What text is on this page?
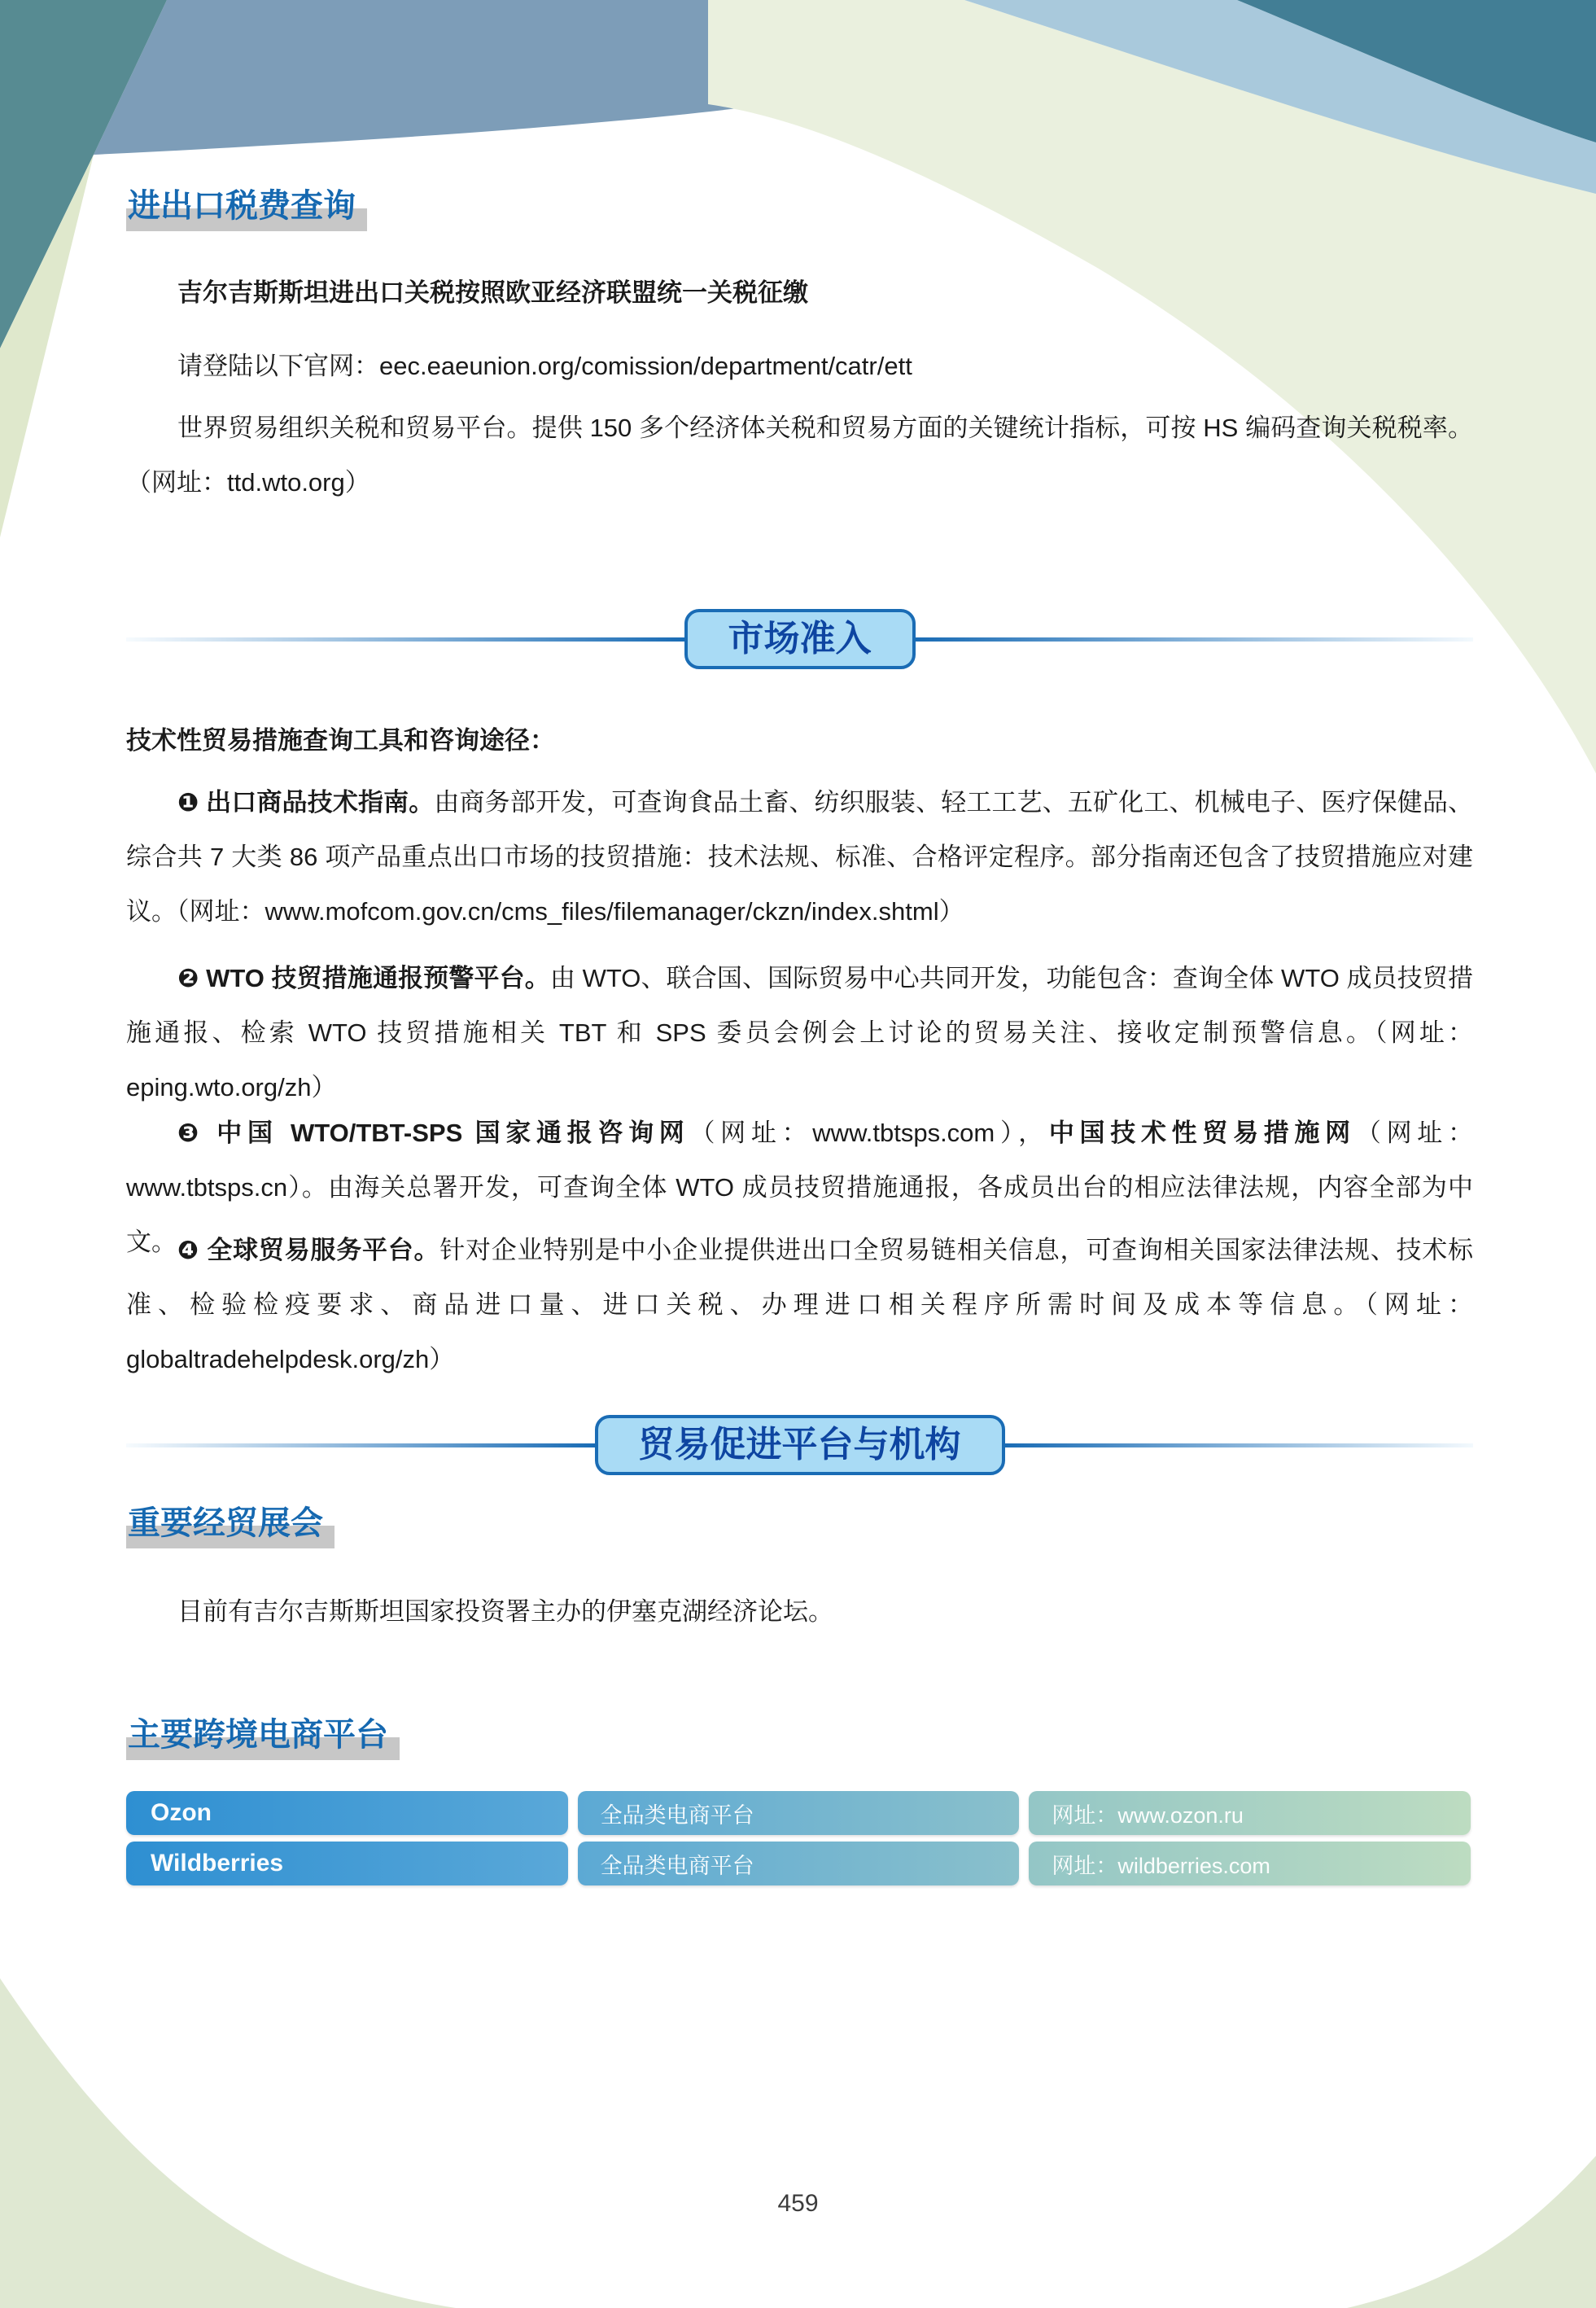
进出口税费查询
吉尔吉斯斯坦进出口关税按照欧亚经济联盟统一关税征缴
请登陆以下官网：eec.eaeunion.org/comission/department/catr/ett
世界贸易组织关税和贸易平台。提供 150 多个经济体关税和贸易方面的关键统计指标，可按 HS 编码查询关税税率。（网址：ttd.wto.org）
市场准入
技术性贸易措施查询工具和咨询途径：
❶ 出口商品技术指南。由商务部开发，可查询食品土畜、纺织服装、轻工工艺、五矿化工、机械电子、医疗保健品、综合共 7 大类 86 项产品重点出口市场的技贸措施：技术法规、标准、合格评定程序。部分指南还包含了技贸措施应对建议。（网址：www.mofcom.gov.cn/cms_files/filemanager/ckzn/index.shtml）
❷ WTO 技贸措施通报预警平台。由 WTO、联合国、国际贸易中心共同开发，功能包含：查询全体 WTO 成员技贸措施通报、检索 WTO 技贸措施相关 TBT 和 SPS 委员会例会上讨论的贸易关注、接收定制预警信息。（网址：eping.wto.org/zh）
❸ 中国 WTO/TBT-SPS 国家通报咨询网（网址：www.tbtsps.com），中国技术性贸易措施网（网址：www.tbtsps.cn）。由海关总署开发，可查询全体 WTO 成员技贸措施通报，各成员出台的相应法律法规，内容全部为中文。 ❹ 全球贸易服务平台。针对企业特别是中小企业提供进出口全贸易链相关信息，可查询相关国家法律法规、技术标准、检验检疫要求、商品进口量、进口关税、办理进口相关程序所需时间及成本等信息。（网址：globaltradehelpdesk.org/zh）
贸易促进平台与机构
重要经贸展会
目前有吉尔吉斯斯坦国家投资署主办的伊塞克湖经济论坛。
主要跨境电商平台
Ozon	全品类电商平台	网址：www.ozon.ru
Wildberries	全品类电商平台	网址：wildberries.com
459
